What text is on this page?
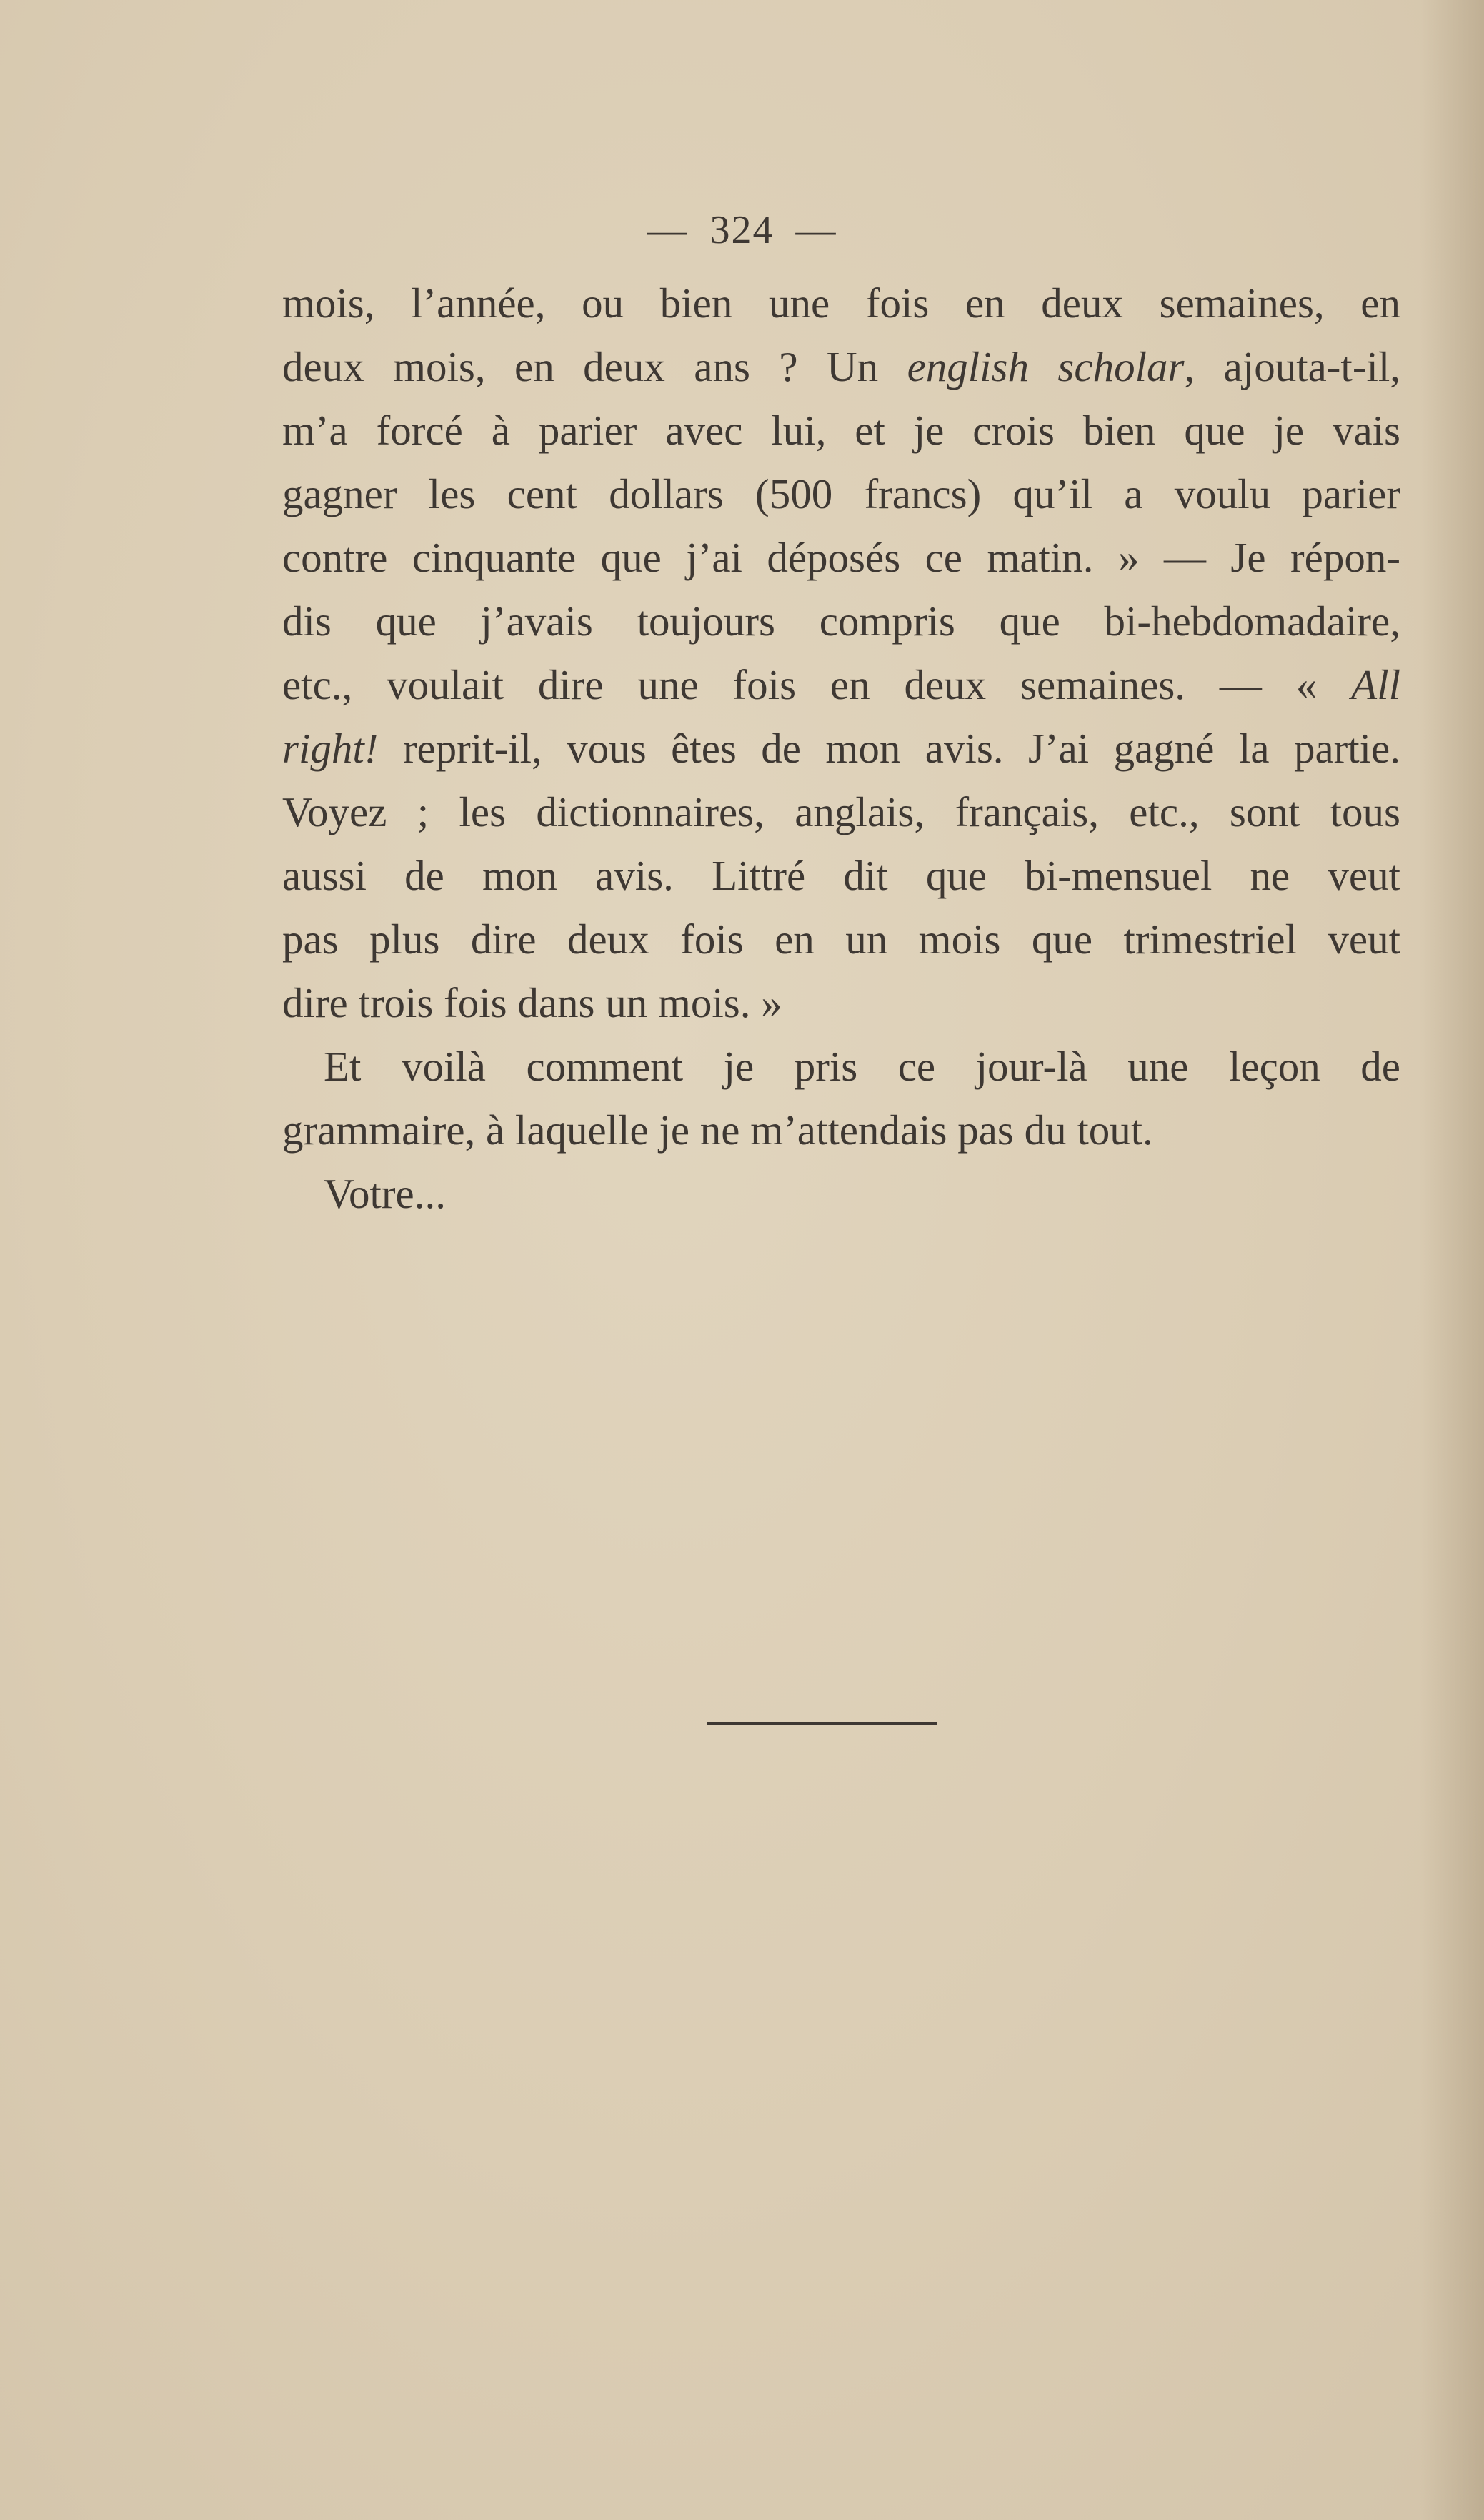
— 324 —
mois, l’année, ou bien une fois en deux semaines, en
deux mois, en deux ans ? Un english scholar, ajouta-t-il,
m’a forcé à parier avec lui, et je crois bien que je vais
gagner les cent dollars (500 francs) qu’il a voulu parier
contre cinquante que j’ai déposés ce matin. » — Je répon-
dis que j’avais toujours compris que bi-hebdomadaire,
etc., voulait dire une fois en deux semaines. — « All
right! reprit-il, vous êtes de mon avis. J’ai gagné la partie.
Voyez ; les dictionnaires, anglais, français, etc., sont tous
aussi de mon avis. Littré dit que bi-mensuel ne veut
pas plus dire deux fois en un mois que trimestriel veut
dire trois fois dans un mois. »
Et voilà comment je pris ce jour-là une leçon de
grammaire, à laquelle je ne m’attendais pas du tout.
Votre...
